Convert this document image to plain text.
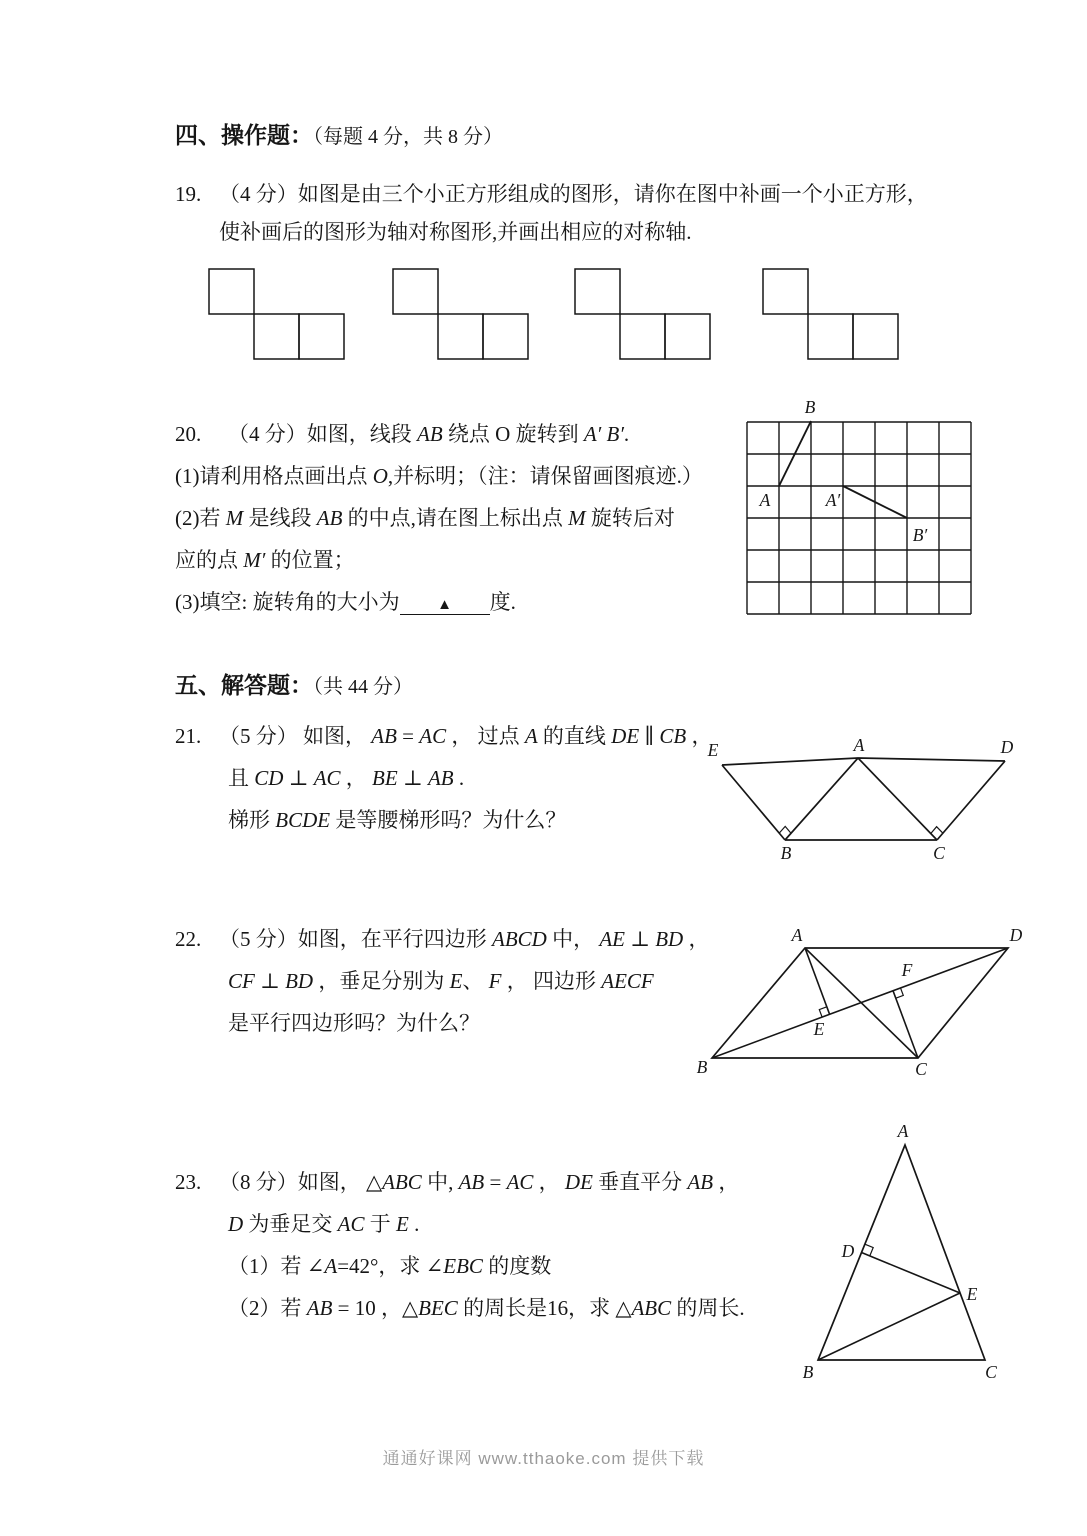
四、操作题：（每题 4 分，共 8 分）
19. （4 分）如图是由三个小正方形组成的图形，请你在图中补画一个小正方形，
使补画后的图形为轴对称图形,并画出相应的对称轴.
20. （4 分）如图，线段 AB 绕点 O 旋转到 A′ B′.
(1)请利用格点画出点 O,并标明；（注：请保留画图痕迹.）
(2)若 M 是线段 AB 的中点,请在图上标出点 M 旋转后对
应的点 M′ 的位置；
(3)填空: 旋转角的大小为	▲ 度.
B
A	A′
B′
五、解答题：（共 44 分）
21. （5 分） 如图， AB = AC ， 过点 A 的直线 DE ∥ CB ，
且 CD ⊥ AC ， BE ⊥ AB .
梯形 BCDE 是等腰梯形吗？为什么？
E	A	D
B	C
22. （5 分）如图，在平行四边形 ABCD 中， AE ⊥ BD ，
CF ⊥ BD ，垂足分别为 E、 F ， 四边形 AECF
是平行四边形吗？为什么？
A	D
B	C
E
F
23. （8 分）如图， △ABC 中, AB = AC ， DE 垂直平分 AB ，
D 为垂足交 AC 于 E .
（1）若 ∠A=42°，求 ∠EBC 的度数
（2）若 AB = 10 ，△BEC 的周长是16，求 △ABC 的周长.
A
B	C
D
E
通通好课网 www.tthaoke.com 提供下载
